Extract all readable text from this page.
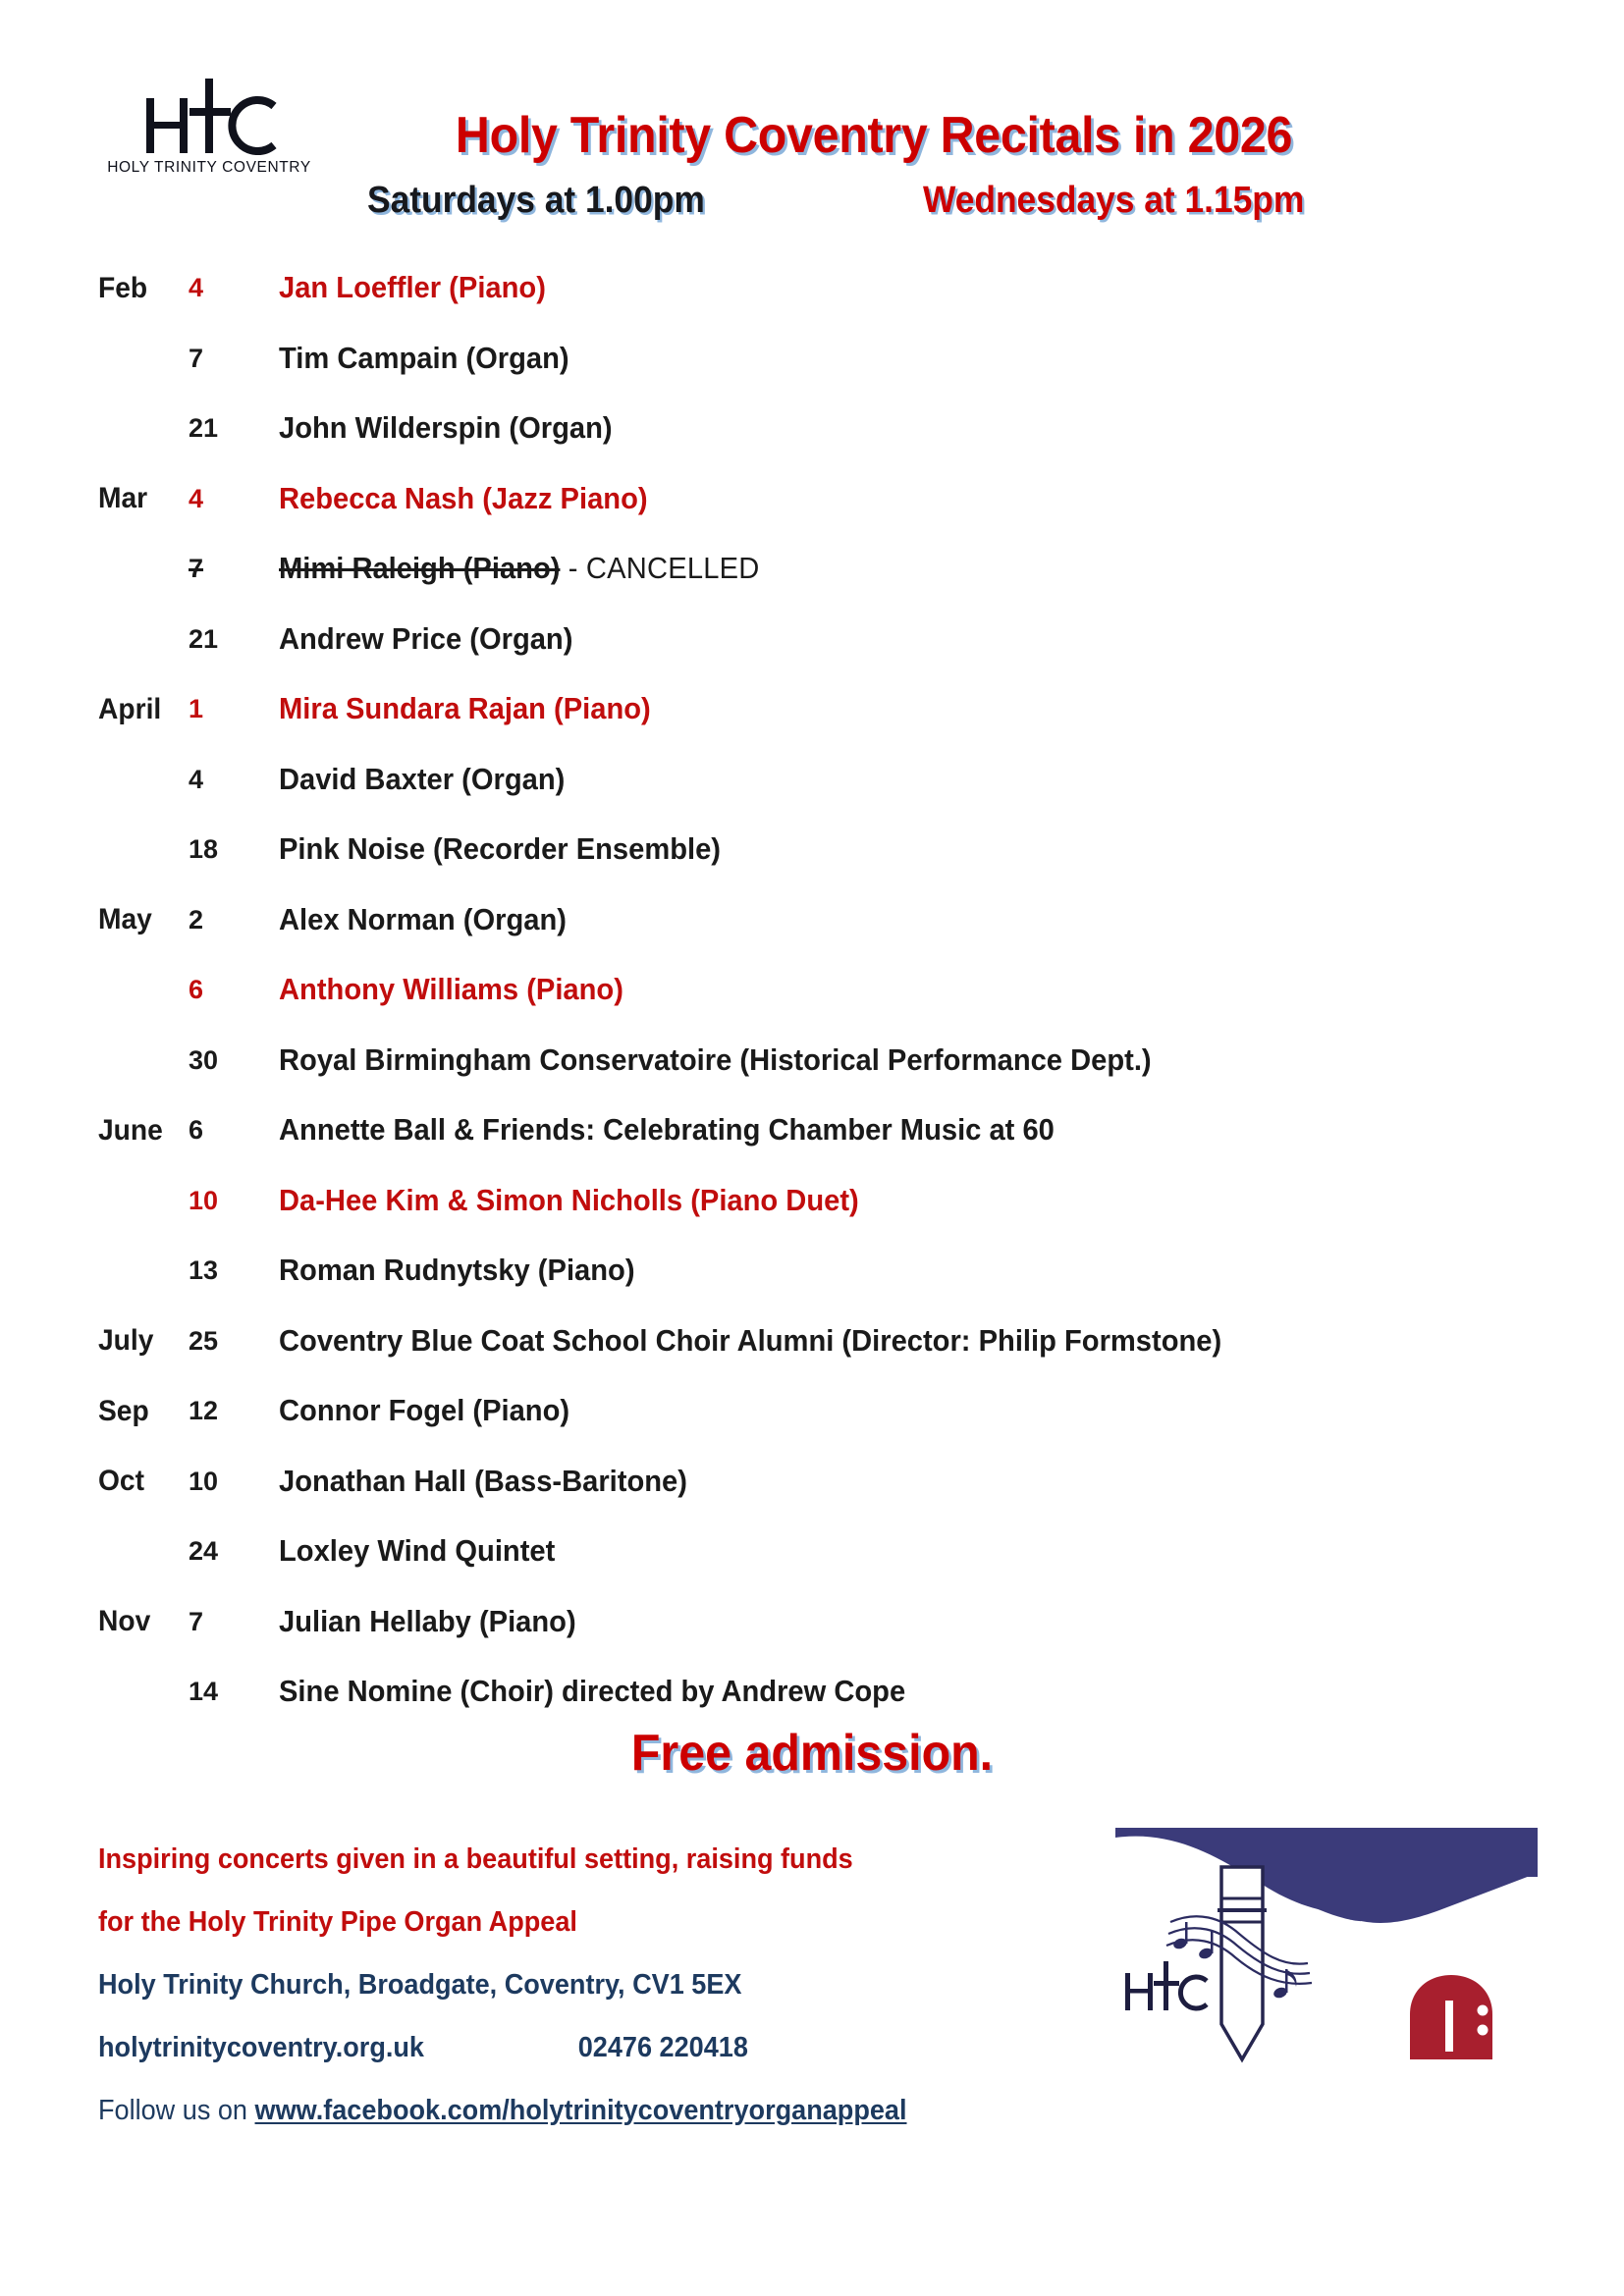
HOLY TRINITY COVENTRY
Holy Trinity Coventry Recitals in 2026
Saturdays at 1.00pm	Wednesdays at 1.15pm
Feb	4	Jan Loeffler (Piano)
7	Tim Campain (Organ)
21	John Wilderspin (Organ)
Mar	4	Rebecca Nash (Jazz Piano)
7	Mimi Raleigh (Piano) - CANCELLED
21	Andrew Price (Organ)
April	1	Mira Sundara Rajan (Piano)
4	David Baxter (Organ)
18	Pink Noise (Recorder Ensemble)
May	2	Alex Norman (Organ)
6	Anthony Williams (Piano)
30	Royal Birmingham Conservatoire (Historical Performance Dept.)
June 6	Annette Ball & Friends: Celebrating Chamber Music at 60
10	Da-Hee Kim & Simon Nicholls (Piano Duet)
13	Roman Rudnytsky (Piano)
July	25	Coventry Blue Coat School Choir Alumni (Director: Philip Formstone)
Sep	12	Connor Fogel (Piano)
Oct	10	Jonathan Hall (Bass-Baritone)
24	Loxley Wind Quintet
Nov	7	Julian Hellaby (Piano)
14	Sine Nomine (Choir) directed by Andrew Cope
Free admission.
Inspiring concerts given in a beautiful setting, raising funds
for the Holy Trinity Pipe Organ Appeal
Holy Trinity Church, Broadgate, Coventry, CV1 5EX
holytrinitycoventry.org.uk	02476 220418
Follow us on www.facebook.com/holytrinitycoventryorganappeal
